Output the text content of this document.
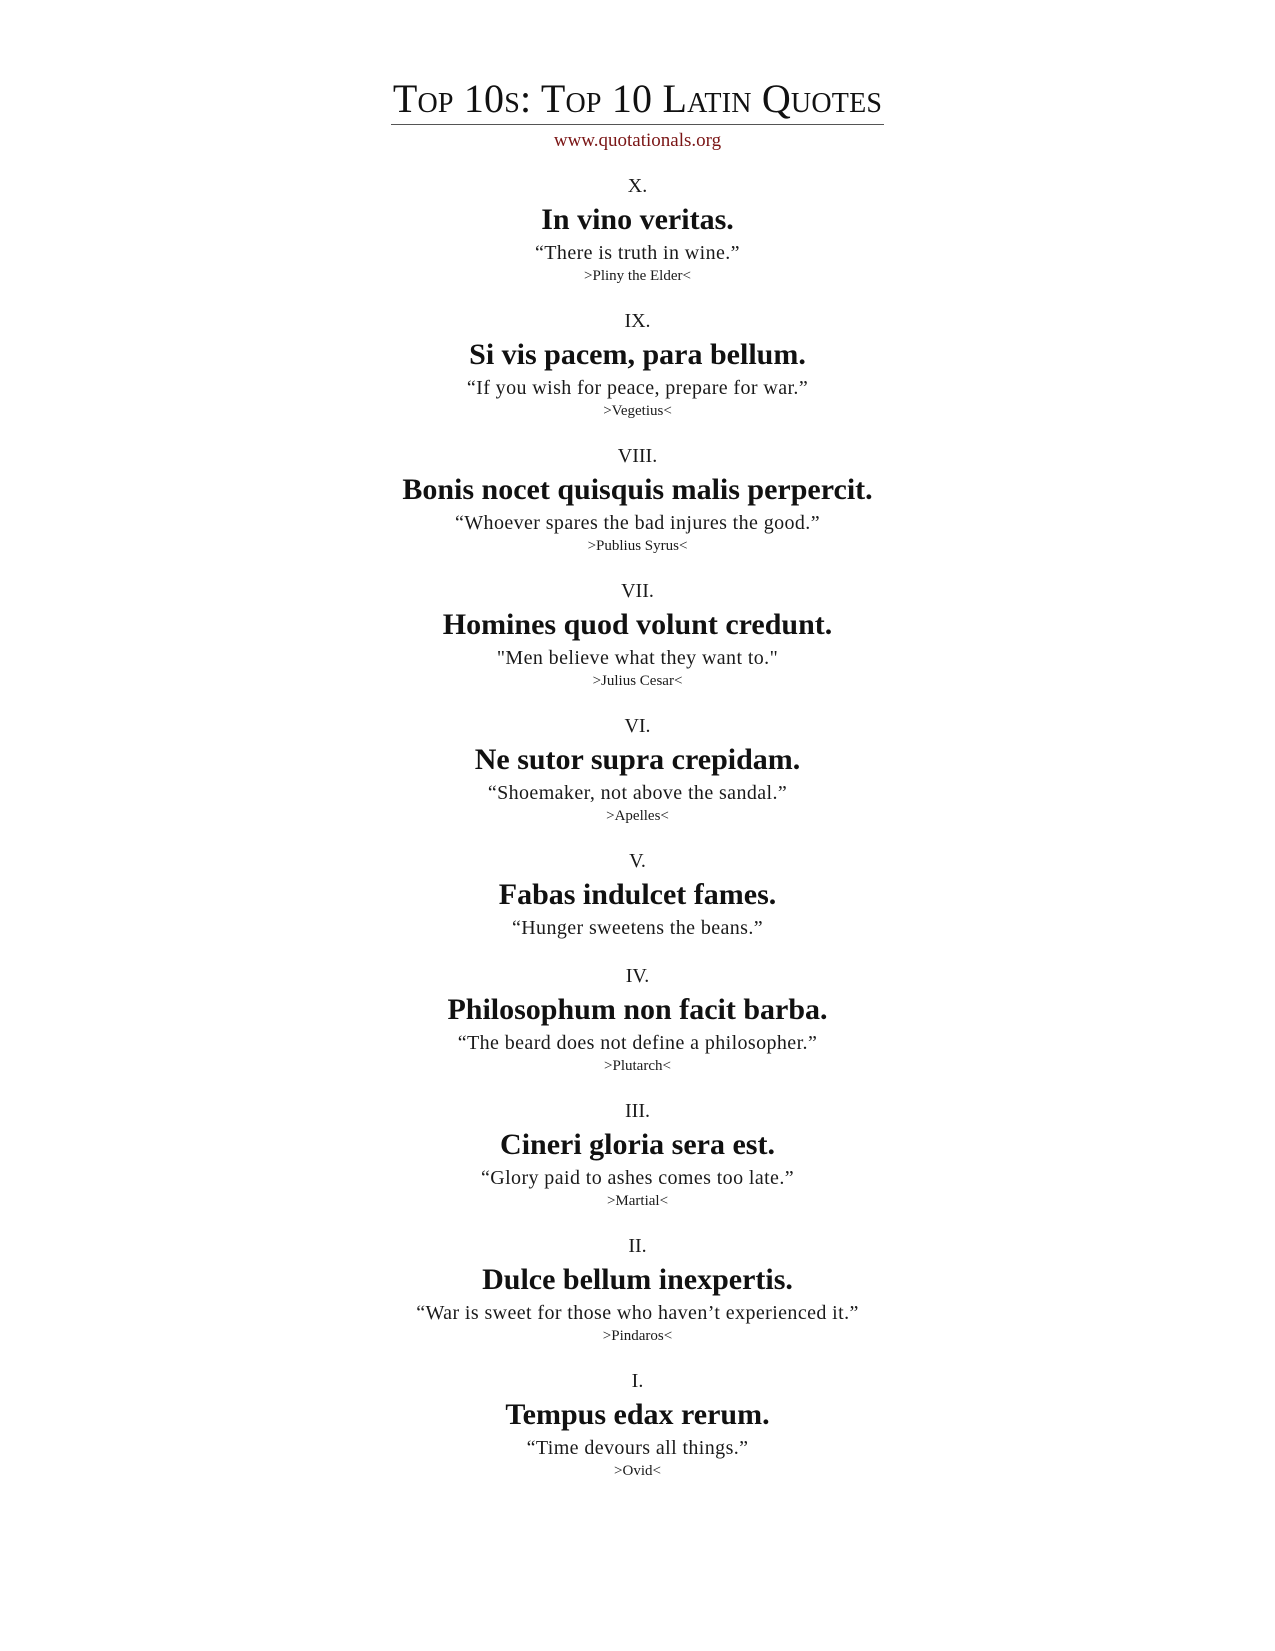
Top 10s: Top 10 Latin Quotes
www.quotationals.org
X.
In vino veritas.
“There is truth in wine.”
>Pliny the Elder<
IX.
Si vis pacem, para bellum.
“If you wish for peace, prepare for war.”
>Vegetius<
VIII.
Bonis nocet quisquis malis perpercit.
“Whoever spares the bad injures the good.”
>Publius Syrus<
VII.
Homines quod volunt credunt.
"Men believe what they want to."
>Julius Cesar<
VI.
Ne sutor supra crepidam.
“Shoemaker, not above the sandal.”
>Apelles<
V.
Fabas indulcet fames.
“Hunger sweetens the beans.”
IV.
Philosophum non facit barba.
“The beard does not define a philosopher.”
>Plutarch<
III.
Cineri gloria sera est.
“Glory paid to ashes comes too late.”
>Martial<
II.
Dulce bellum inexpertis.
“War is sweet for those who haven’t experienced it.”
>Pindaros<
I.
Tempus edax rerum.
“Time devours all things.”
>Ovid<
